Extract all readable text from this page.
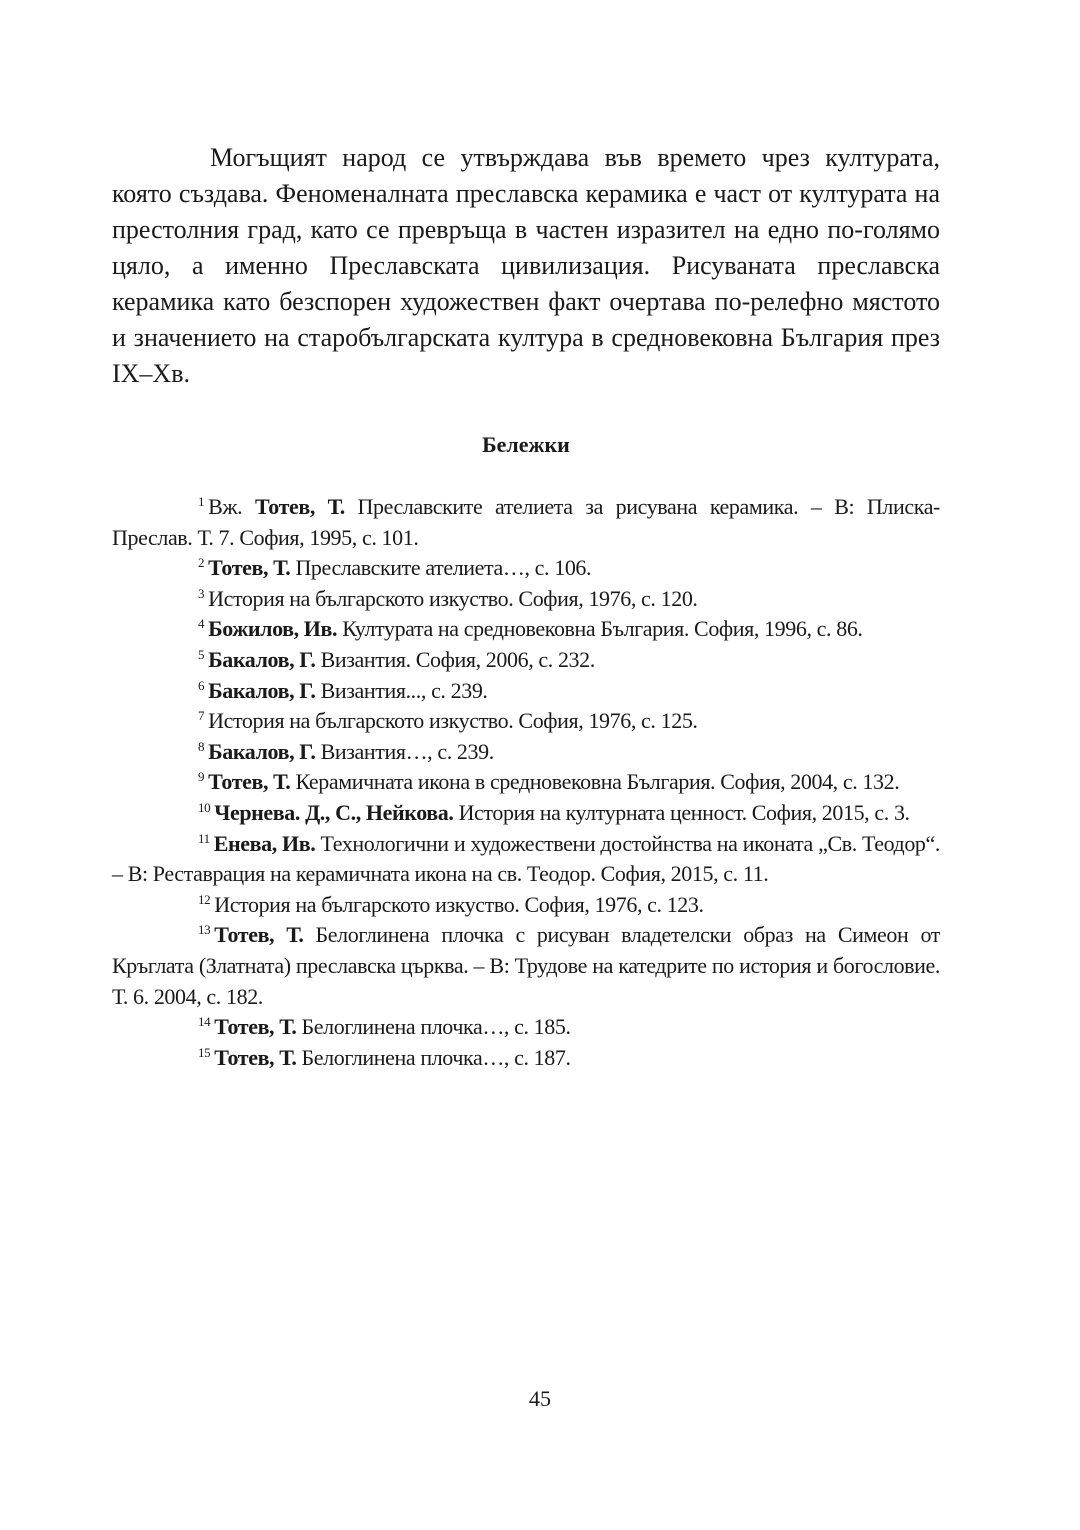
Могъщият народ се утвърждава във времето чрез културата, която създава. Феноменалната преславска керамика е част от културата на престолния град, като се превръща в частен изразител на едно по-голямо цяло, а именно Преславската цивилизация. Рисуваната преславска керамика като безспорен художествен факт очертава по-релефно мястото и значението на старобългарската култура в средновековна България през IX–Хв.

Бележки

$^1$ Вж. Тотев, Т. Преславските ателиета за рисувана керамика. – В: Плиска-Преслав. Т. 7. София, 1995, с. 101.

$^2$ Тотев, Т. Преславските ателиета…, с. 106.

$^3$ История на българското изкуство. София, 1976, с. 120.

$^4$ Божилов, Ив. Културата на средновековна България. София, 1996, с. 86.

$^5$ Бакалов, Г. Византия. София, 2006, с. 232.

$^6$ Бакалов, Г. Византия..., с. 239.

$^7$ История на българското изкуство. София, 1976, с. 125.

$^8$ Бакалов, Г. Византия…, с. 239.

$^9$ Тотев, Т. Керамичната икона в средновековна България. София, 2004, с. 132.

$^{10}$ Чернева. Д., С., Нейкова. История на културната ценност. София, 2015, с. 3.

$^{11}$ Енева, Ив. Технологични и художествени достойнства на иконата „Св. Теодор“. – В: Реставрация на керамичната икона на св. Теодор. София, 2015, с. 11.

$^{12}$ История на българското изкуство. София, 1976, с. 123.

$^{13}$ Тотев, Т. Белоглинена плочка с рисуван владетелски образ на Симеон от Кръглата (Златната) преславска църква. – В: Трудове на катедрите по история и богословие. Т. 6. 2004, с. 182.

$^{14}$ Тотев, Т. Белоглинена плочка…, с. 185.

$^{15}$ Тотев, Т. Белоглинена плочка…, с. 187.

45
